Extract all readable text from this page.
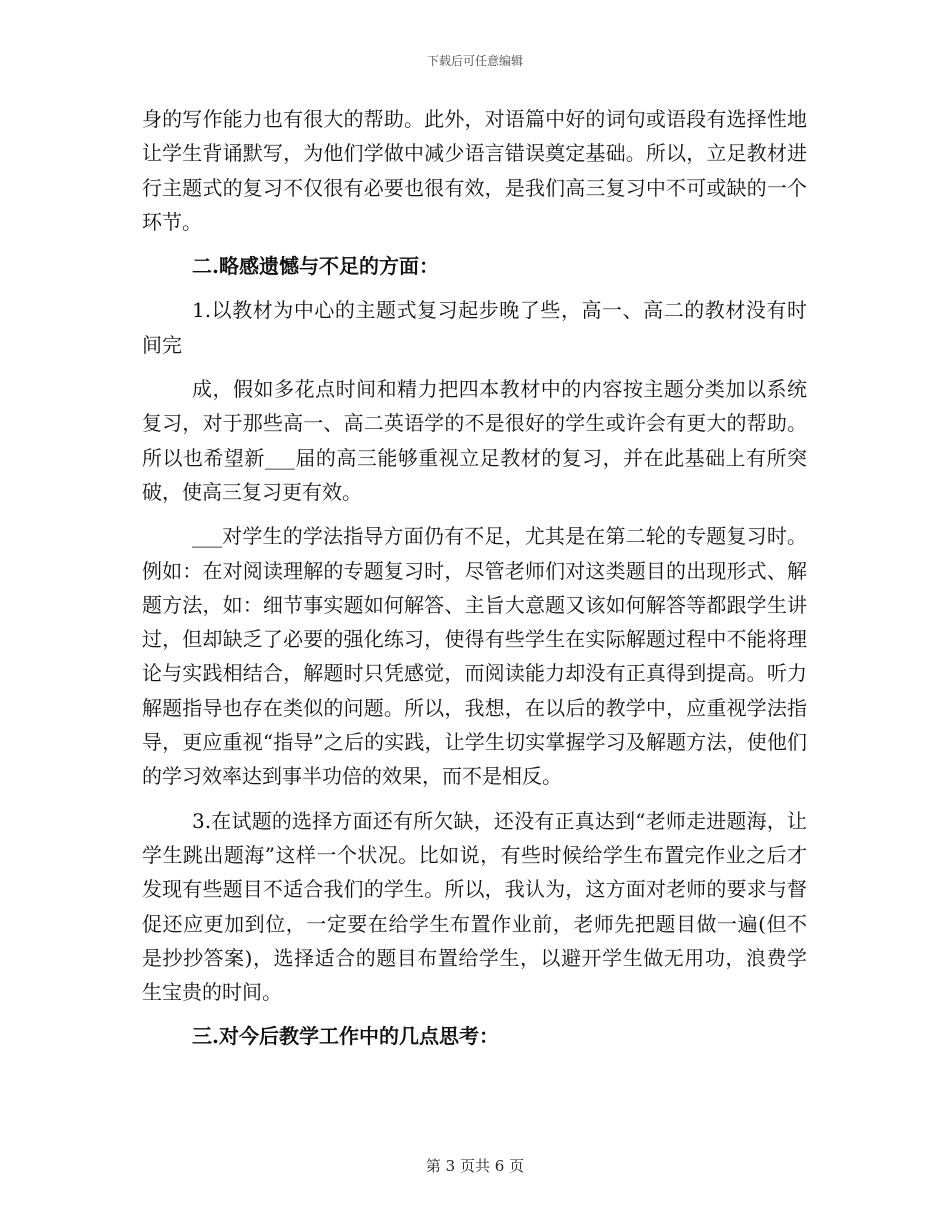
下载后可任意编辑

身的写作能力也有很大的帮助。此外，对语篇中好的词句或语段有选择性地让学生背诵默写，为他们学做中减少语言错误奠定基础。所以，立足教材进行主题式的复习不仅很有必要也很有效，是我们高三复习中不可或缺的一个环节。

二.略感遗憾与不足的方面：

1.以教材为中心的主题式复习起步晚了些，高一、高二的教材没有时间完

成，假如多花点时间和精力把四本教材中的内容按主题分类加以系统复习，对于那些高一、高二英语学的不是很好的学生或许会有更大的帮助。所以也希望新___届的高三能够重视立足教材的复习，并在此基础上有所突破，使高三复习更有效。

___对学生的学法指导方面仍有不足，尤其是在第二轮的专题复习时。例如：在对阅读理解的专题复习时，尽管老师们对这类题目的出现形式、解题方法，如：细节事实题如何解答、主旨大意题又该如何解答等都跟学生讲过，但却缺乏了必要的强化练习，使得有些学生在实际解题过程中不能将理论与实践相结合，解题时只凭感觉，而阅读能力却没有正真得到提高。听力解题指导也存在类似的问题。所以，我想，在以后的教学中，应重视学法指导，更应重视“指导”之后的实践，让学生切实掌握学习及解题方法，使他们的学习效率达到事半功倍的效果，而不是相反。

3.在试题的选择方面还有所欠缺，还没有正真达到“老师走进题海，让学生跳出题海”这样一个状况。比如说，有些时候给学生布置完作业之后才发现有些题目不适合我们的学生。所以，我认为，这方面对老师的要求与督促还应更加到位，一定要在给学生布置作业前，老师先把题目做一遍(但不是抄抄答案)，选择适合的题目布置给学生，以避开学生做无用功，浪费学生宝贵的时间。

三.对今后教学工作中的几点思考：

第 3 页共 6 页
